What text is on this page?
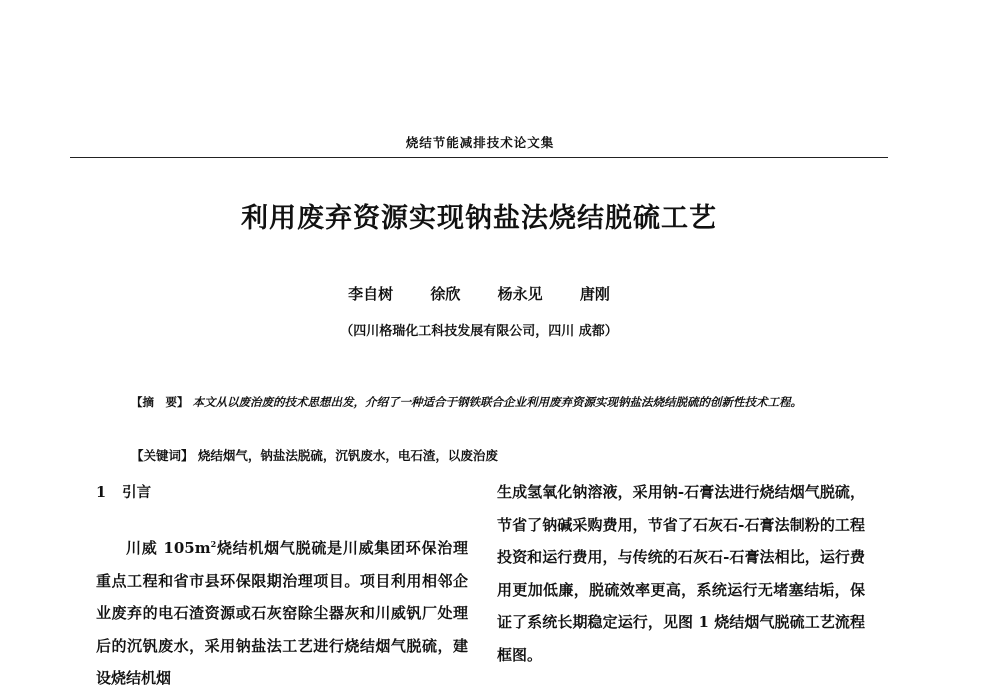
烧结节能减排技术论文集
利用废弃资源实现钠盐法烧结脱硫工艺
李自树 徐欣 杨永见 唐刚
（四川格瑞化工科技发展有限公司，四川 成都）
【摘　要】 本文从以废治废的技术思想出发，介绍了一种适合于钢铁联合企业利用废弃资源实现钠盐法烧结脱硫的创新性技术工程。
【关键词】 烧结烟气，钠盐法脱硫，沉钒废水，电石渣，以废治废
1 引言
川威 $105m^2$烧结机烟气脱硫是川威集团环保治理重点工程和省市县环保限期治理项目。项目利用相邻企业废弃的电石渣资源或石灰窑除尘器灰和川威钒厂处理后的沉钒废水，采用钠盐法工艺进行烧结烟气脱硫，建设烧结机烟
生成氢氧化钠溶液，采用钠-石膏法进行烧结烟气脱硫，节省了钠碱采购费用，节省了石灰石-石膏法制粉的工程投资和运行费用，与传统的石灰石-石膏法相比，运行费用更加低廉，脱硫效率更高，系统运行无堵塞结垢，保证了系统长期稳定运行，见图 1 烧结烟气脱硫工艺流程框图。
